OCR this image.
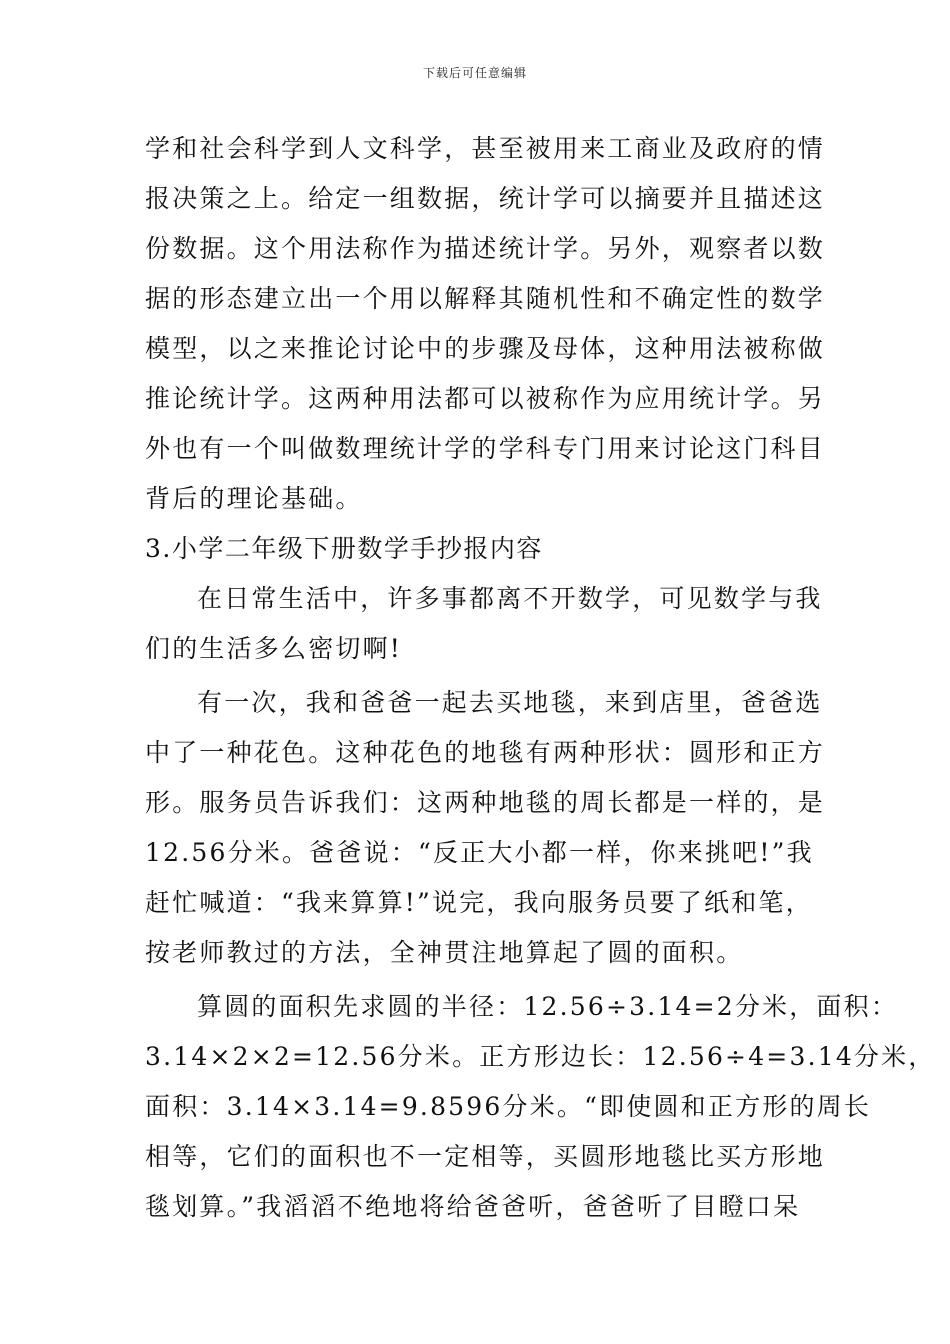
下载后可任意编辑
学和社会科学到人文科学，甚至被用来工商业及政府的情
报决策之上。给定一组数据，统计学可以摘要并且描述这
份数据。这个用法称作为描述统计学。另外，观察者以数
据的形态建立出一个用以解释其随机性和不确定性的数学
模型，以之来推论讨论中的步骤及母体，这种用法被称做
推论统计学。这两种用法都可以被称作为应用统计学。另
外也有一个叫做数理统计学的学科专门用来讨论这门科目
背后的理论基础。
3.小学二年级下册数学手抄报内容
在日常生活中，许多事都离不开数学，可见数学与我
们的生活多么密切啊!
有一次，我和爸爸一起去买地毯，来到店里，爸爸选
中了一种花色。这种花色的地毯有两种形状：圆形和正方
形。服务员告诉我们：这两种地毯的周长都是一样的，是
12.56分米。爸爸说：“反正大小都一样，你来挑吧!”我
赶忙喊道：“我来算算!”说完，我向服务员要了纸和笔，
按老师教过的方法，全神贯注地算起了圆的面积。
算圆的面积先求圆的半径：12.56÷3.14=2分米，面积：
3.14×2×2=12.56分米。正方形边长：12.56÷4=3.14分米，
面积：3.14×3.14=9.8596分米。“即使圆和正方形的周长
相等，它们的面积也不一定相等，买圆形地毯比买方形地
毯划算。”我滔滔不绝地将给爸爸听，爸爸听了目瞪口呆
